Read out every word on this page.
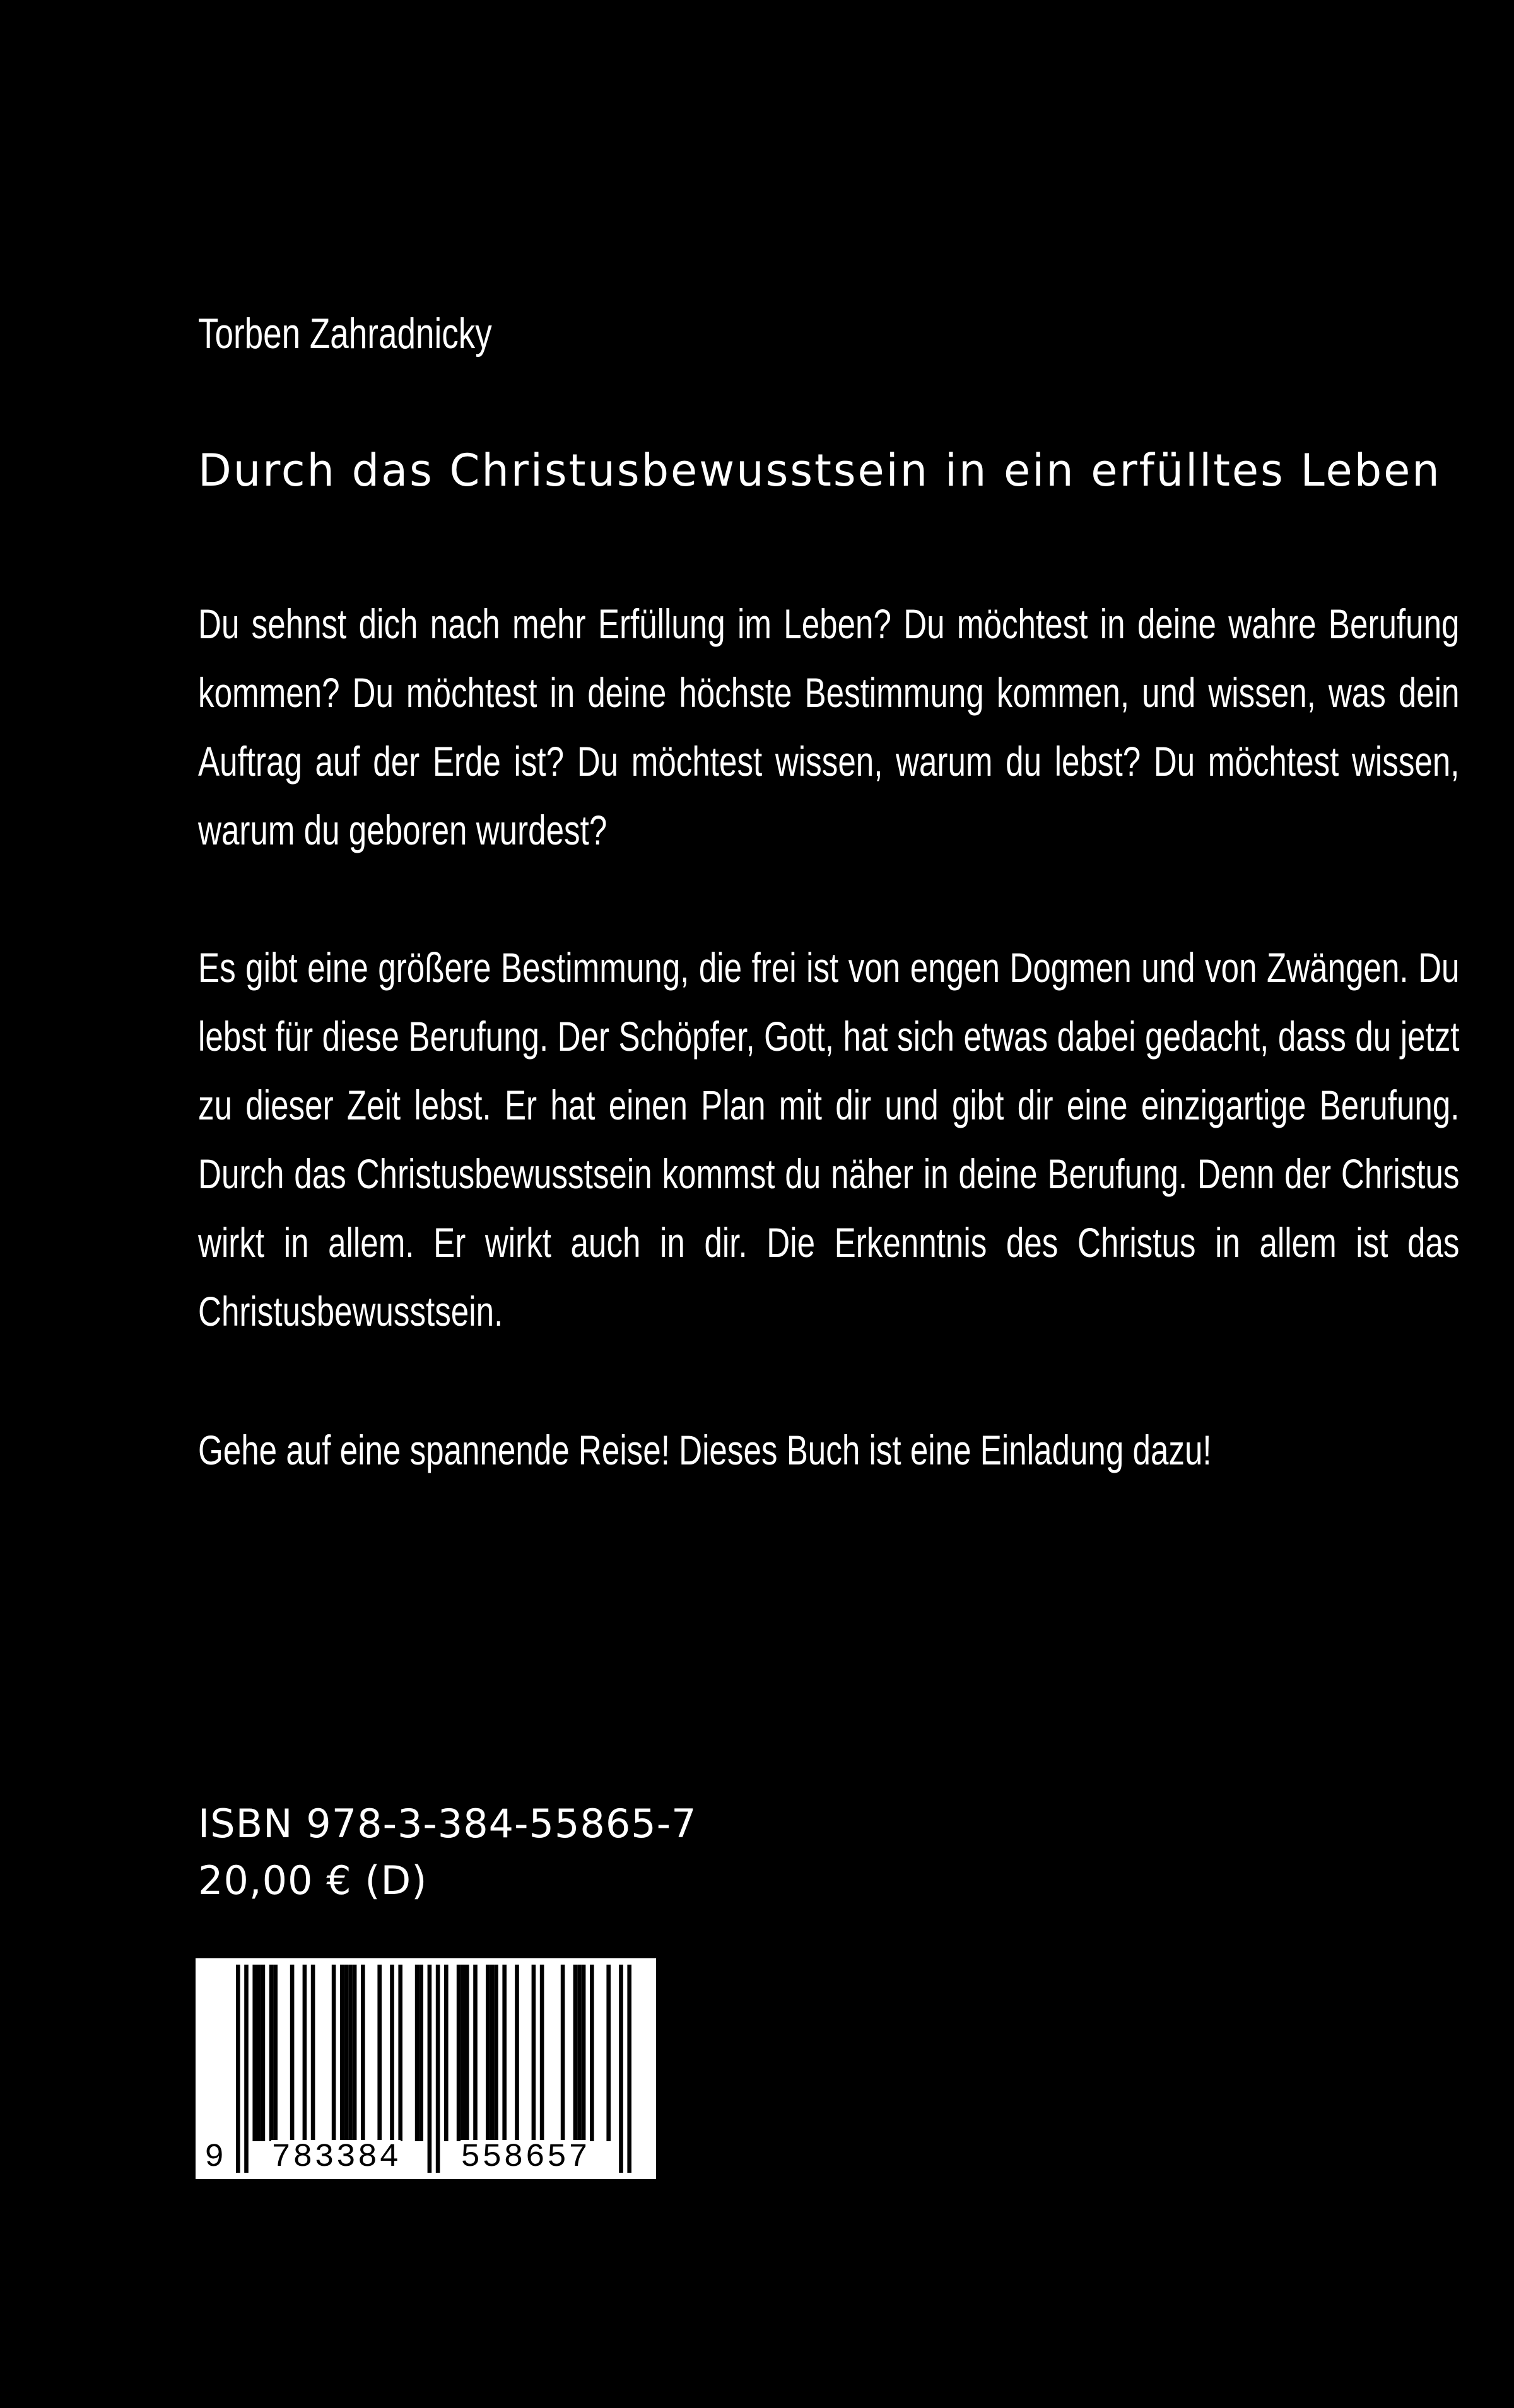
Torben Zahradnicky
Durch das Christusbewusstsein in ein erfülltes Leben
Du sehnst dich nach mehr Erfüllung im Leben? Du möchtest in deine wahre Berufung kommen? Du möchtest in deine höchste Bestimmung kommen, und wissen, was dein Auftrag auf der Erde ist? Du möchtest wissen, warum du lebst? Du möchtest wissen, warum du geboren wurdest?
Es gibt eine größere Bestimmung, die frei ist von engen Dogmen und von Zwängen. Du lebst für diese Berufung. Der Schöpfer, Gott, hat sich etwas dabei gedacht, dass du jetzt zu dieser Zeit lebst. Er hat einen Plan mit dir und gibt dir eine einzigartige Berufung. Durch das Christusbewusstsein kommst du näher in deine Berufung. Denn der Christus wirkt in allem. Er wirkt auch in dir. Die Erkenntnis des Christus in allem ist das Christusbewusstsein.
Gehe auf eine spannende Reise! Dieses Buch ist eine Einladung dazu!
ISBN 978-3-384-55865-7
20,00 € (D)
9 783384 558657
